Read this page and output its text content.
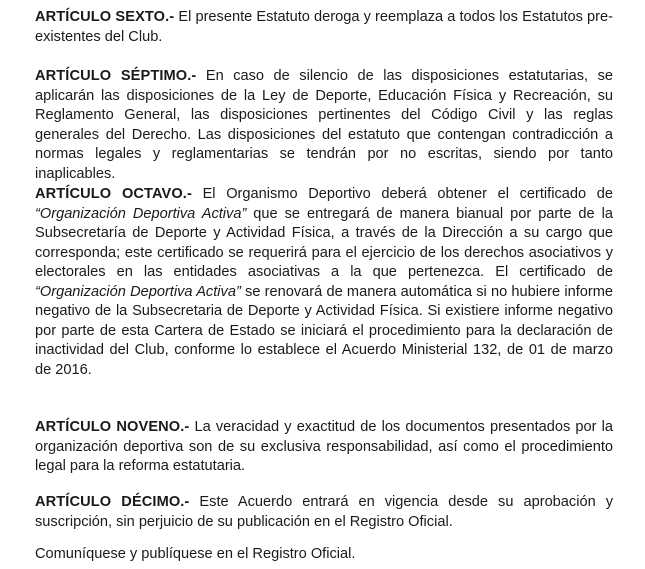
ARTÍCULO SEXTO.- El presente Estatuto deroga y reemplaza a todos los Estatutos pre-existentes del Club.

ARTÍCULO SÉPTIMO.- En caso de silencio de las disposiciones estatutarias, se aplicarán las disposiciones de la Ley de Deporte, Educación Física y Recreación, su Reglamento General, las disposiciones pertinentes del Código Civil y las reglas generales del Derecho. Las disposiciones del estatuto que contengan contradicción a normas legales y reglamentarias se tendrán por no escritas, siendo por tanto inaplicables.

ARTÍCULO OCTAVO.- El Organismo Deportivo deberá obtener el certificado de “Organización Deportiva Activa” que se entregará de manera bianual por parte de la Subsecretaría de Deporte y Actividad Física, a través de la Dirección a su cargo que corresponda; este certificado se requerirá para el ejercicio de los derechos asociativos y electorales en las entidades asociativas a la que pertenezca. El certificado de “Organización Deportiva Activa” se renovará de manera automática si no hubiere informe negativo de la Subsecretaria de Deporte y Actividad Física. Si existiere informe negativo por parte de esta Cartera de Estado se iniciará el procedimiento para la declaración de inactividad del Club, conforme lo establece el Acuerdo Ministerial 132, de 01 de marzo de 2016.

ARTÍCULO NOVENO.- La veracidad y exactitud de los documentos presentados por la organización deportiva son de su exclusiva responsabilidad, así como el procedimiento legal para la reforma estatutaria.

ARTÍCULO DÉCIMO.- Este Acuerdo entrará en vigencia desde su aprobación y suscripción, sin perjuicio de su publicación en el Registro Oficial.

Comuníquese y publíquese en el Registro Oficial.
